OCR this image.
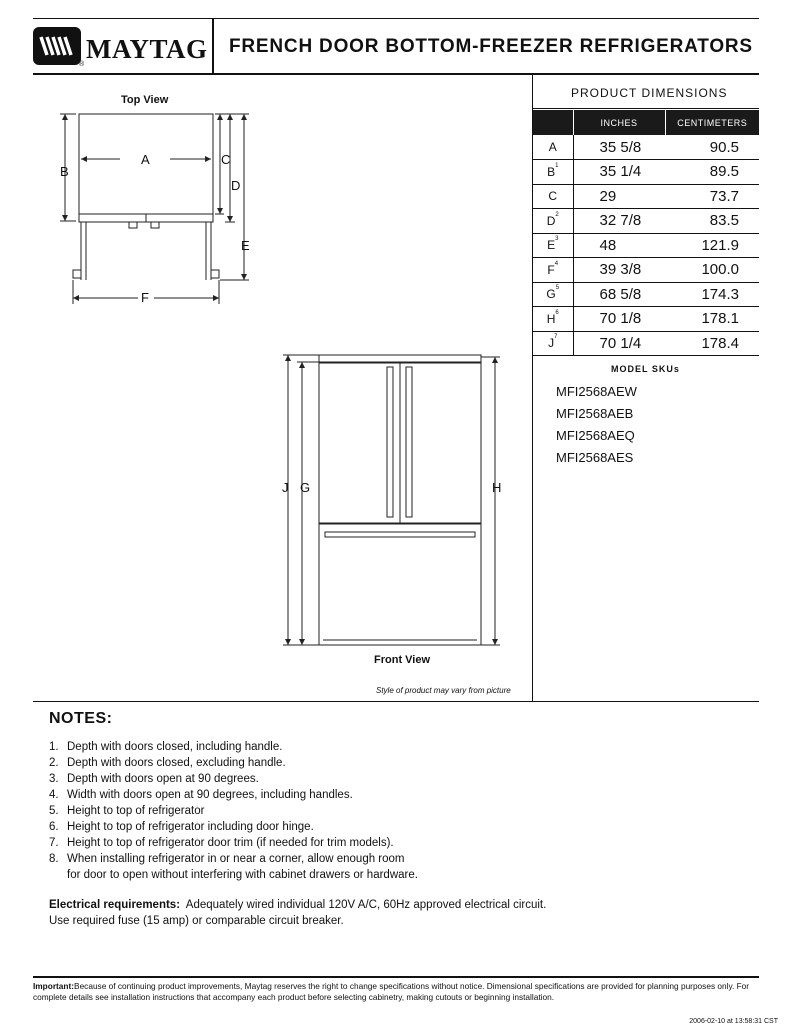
MAYTAG
®
FRENCH DOOR BOTTOM-FREEZER REFRIGERATORS
Top View
B
A	C
D
E
F
J G	H
Front View
Style of product may vary from picture
PRODUCT DIMENSIONS
	INCHES	CENTIMETERS
A	35 5/8	90.5
$B^1$	35 1/4	89.5
C	29	73.7
$D^2$	32 7/8	83.5
$E^3$	48	121.9
$F^4$	39 3/8	100.0
$G^5$	68 5/8	174.3
$H^6$	70 1/8	178.1
$J^7$	70 1/4	178.4
MODEL SKUs
MFI2568AEW
MFI2568AEB
MFI2568AEQ
MFI2568AES
NOTES:
1. Depth with doors closed, including handle.
2. Depth with doors closed, excluding handle.
3. Depth with doors open at 90 degrees.
4. Width with doors open at 90 degrees, including handles.
5. Height to top of refrigerator
6. Height to top of refrigerator including door hinge.
7. Height to top of refrigerator door trim (if needed for trim models).
8. When installing refrigerator in or near a corner, allow enough room
for door to open without interfering with cabinet drawers or hardware.
Electrical requirements: Adequately wired individual 120V A/C, 60Hz approved electrical circuit.
Use required fuse (15 amp) or comparable circuit breaker.

Important:Because of continuing product improvements, Maytag reserves the right to change specifications without notice. Dimensional specifications are provided for planning purposes only. For complete details see installation instructions that accompany each product before selecting cabinetry, making cutouts or beginning installation.

2006-02-10 at 13:58:31 CST
